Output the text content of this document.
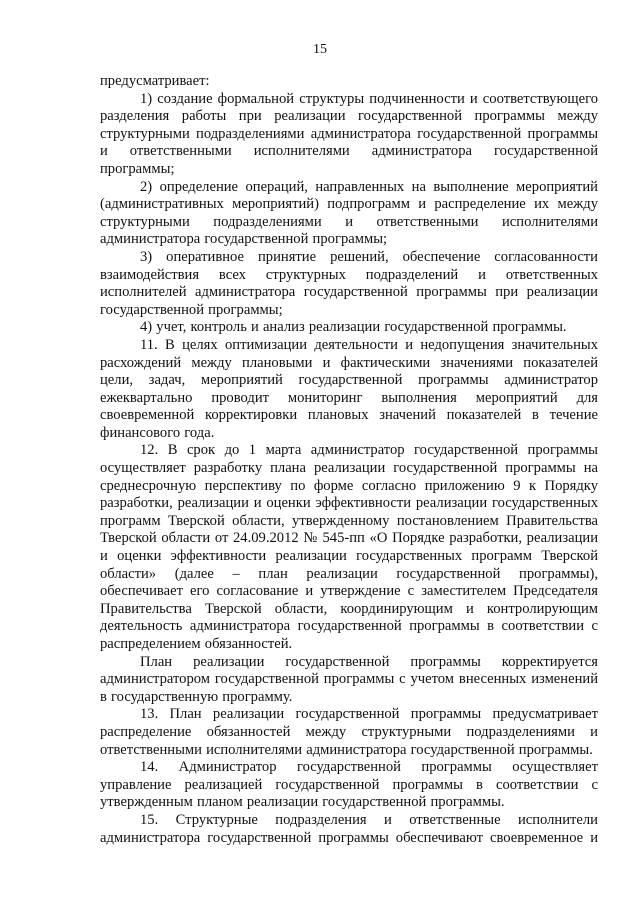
15

предусматривает:

1) создание формальной структуры подчиненности и соответствующего разделения работы при реализации государственной программы между структурными подразделениями администратора государственной программы и ответственными исполнителями администратора государственной программы;

2) определение операций, направленных на выполнение мероприятий (административных мероприятий) подпрограмм и распределение их между структурными подразделениями и ответственными исполнителями администратора государственной программы;

3) оперативное принятие решений, обеспечение согласованности взаимодействия всех структурных подразделений и ответственных исполнителей администратора государственной программы при реализации государственной программы;

4) учет, контроль и анализ реализации государственной программы.

11. В целях оптимизации деятельности и недопущения значительных расхождений между плановыми и фактическими значениями показателей цели, задач, мероприятий государственной программы администратор ежеквартально проводит мониторинг выполнения мероприятий для своевременной корректировки плановых значений показателей в течение финансового года.

12. В срок до 1 марта администратор государственной программы осуществляет разработку плана реализации государственной программы на среднесрочную перспективу по форме согласно приложению 9 к Порядку разработки, реализации и оценки эффективности реализации государственных программ Тверской области, утвержденному постановлением Правительства Тверской области от 24.09.2012 № 545-пп «О Порядке разработки, реализации и оценки эффективности реализации государственных программ Тверской области» (далее – план реализации государственной программы), обеспечивает его согласование и утверждение с заместителем Председателя Правительства Тверской области, координирующим и контролирующим деятельность администратора государственной программы в соответствии с распределением обязанностей.

План реализации государственной программы корректируется администратором государственной программы с учетом внесенных изменений в государственную программу.

13. План реализации государственной программы предусматривает распределение обязанностей между структурными подразделениями и ответственными исполнителями администратора государственной программы.

14. Администратор государственной программы осуществляет управление реализацией государственной программы в соответствии с утвержденным планом реализации государственной программы.

15. Структурные подразделения и ответственные исполнители администратора государственной программы обеспечивают своевременное и
